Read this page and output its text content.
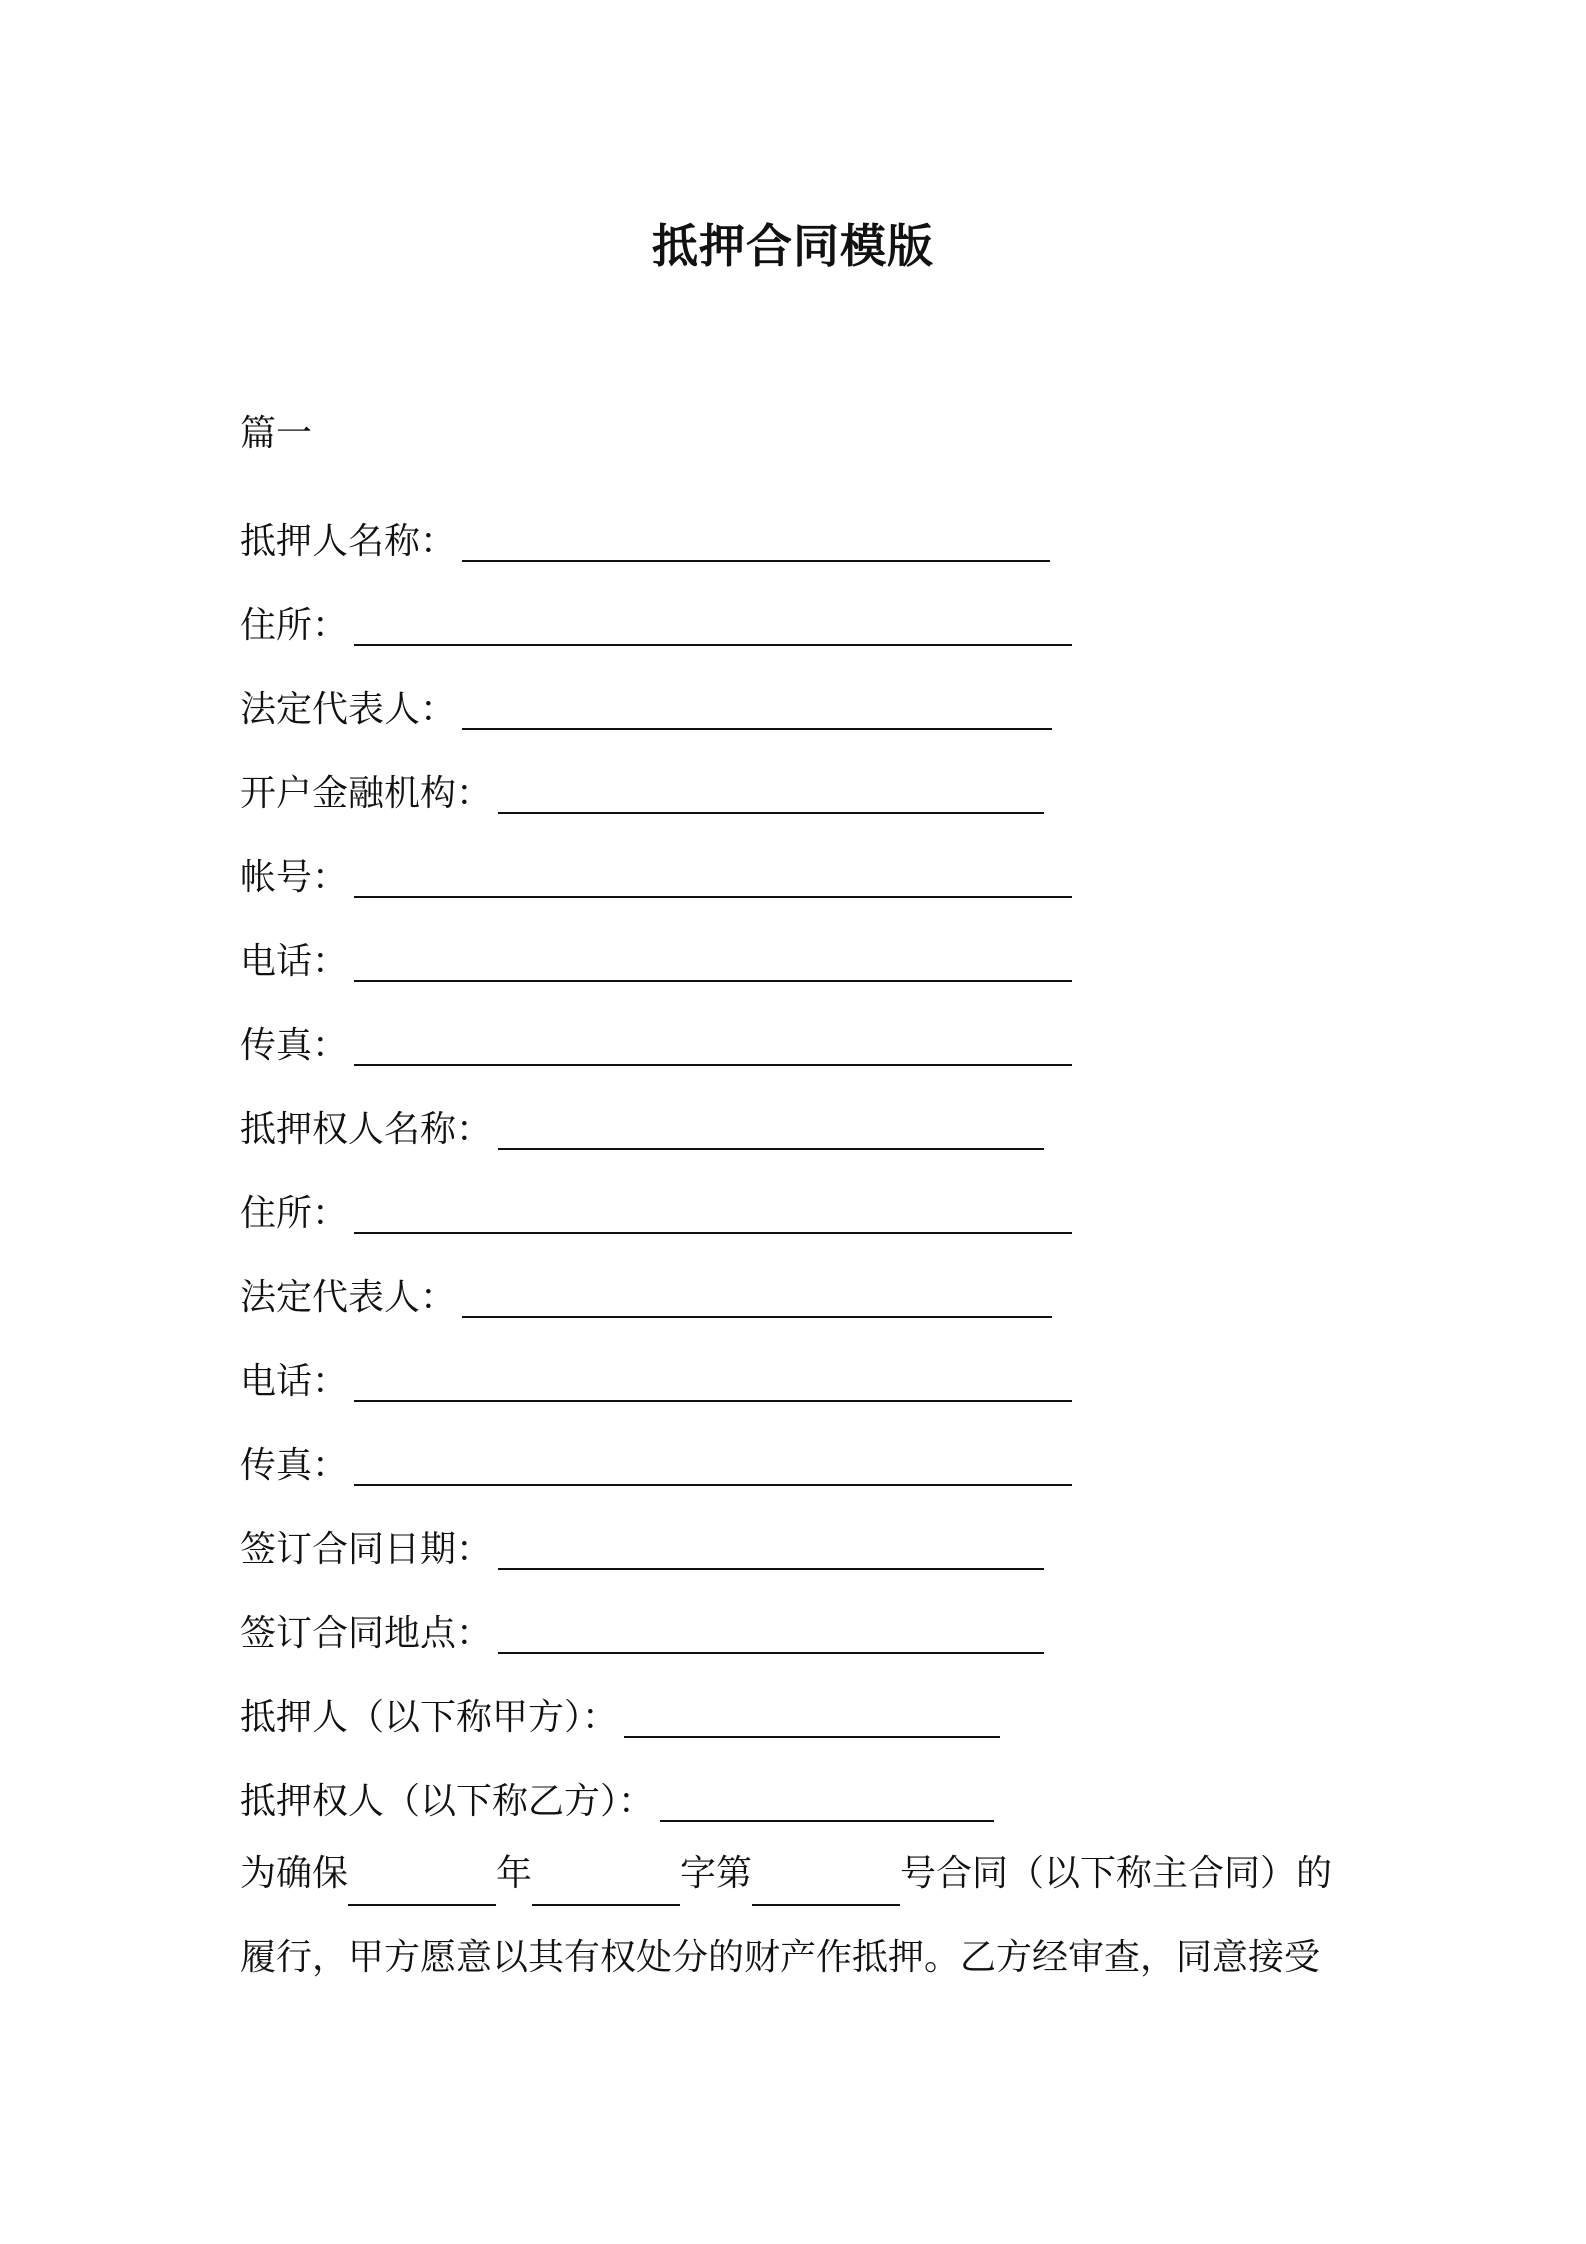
抵押合同模版
篇一
抵押人名称：
住所：
法定代表人：
开户金融机构：
帐号：
电话：
传真：
抵押权人名称：
住所：
法定代表人：
电话：
传真：
签订合同日期：
签订合同地点：
抵押人（以下称甲方）：
抵押权人（以下称乙方）：
为确保	年	字第	号合同（以下称主合同）的
履行，甲方愿意以其有权处分的财产作抵押。乙方经审查，同意接受
